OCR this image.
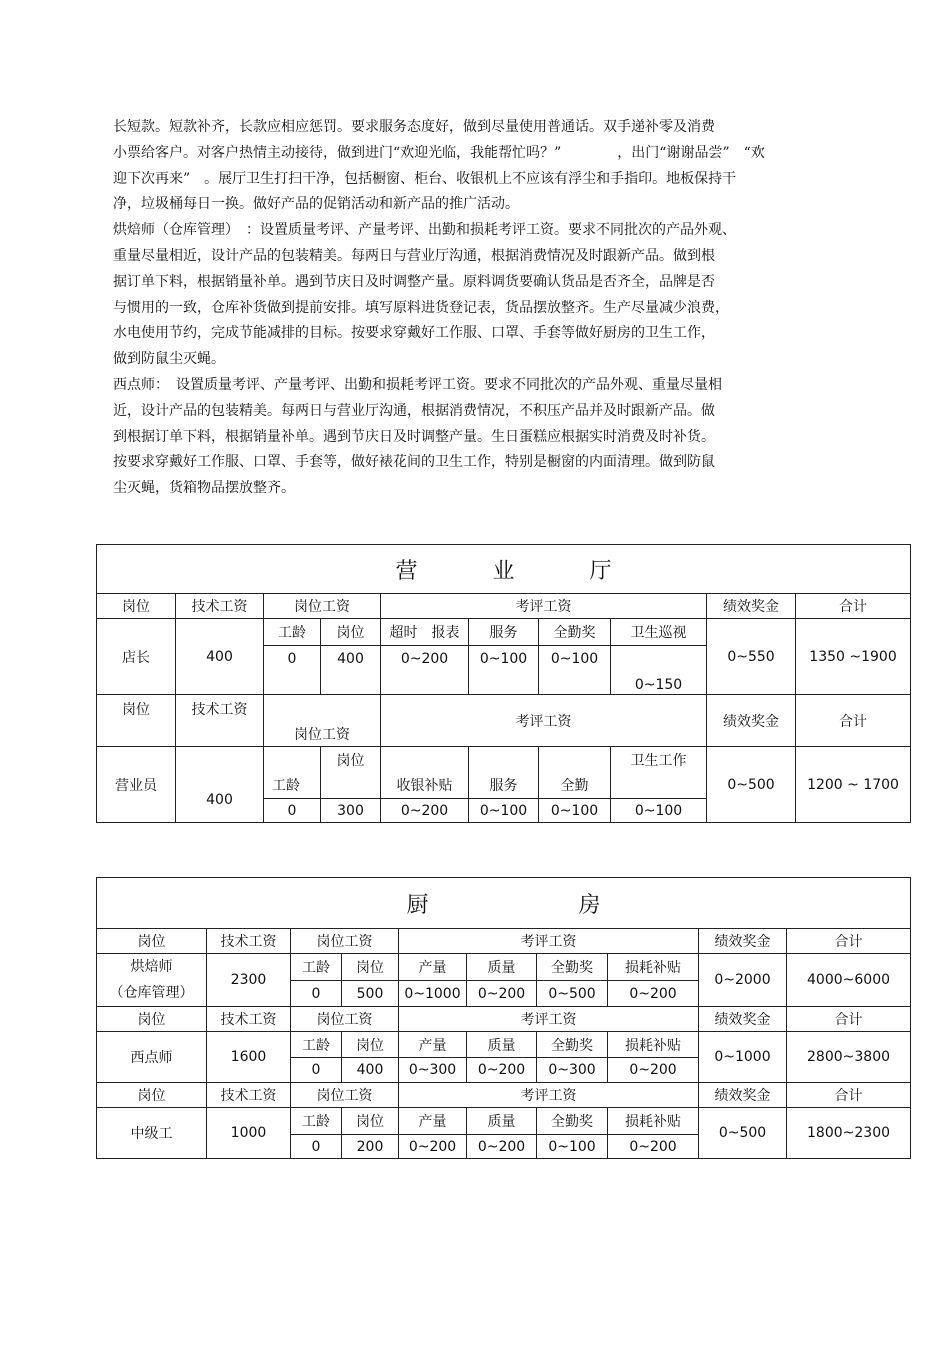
长短款。短款补齐，长款应相应惩罚。要求服务态度好，做到尽量使用普通话。双手递补零及消费
小票给客户。对客户热情主动接待，做到进门“欢迎光临，我能帮忙吗？”　　　　，出门“谢谢品尝”　“欢
迎下次再来”　。展厅卫生打扫干净，包括橱窗、柜台、收银机上不应该有浮尘和手指印。地板保持干
净，垃圾桶每日一换。做好产品的促销活动和新产品的推广活动。
烘焙师（仓库管理）　：设置质量考评、产量考评、出勤和损耗考评工资。要求不同批次的产品外观、
重量尽量相近，设计产品的包装精美。每两日与营业厅沟通，根据消费情况及时跟新产品。做到根
据订单下料，根据销量补单。遇到节庆日及时调整产量。原料调货要确认货品是否齐全，品牌是否
与惯用的一致，仓库补货做到提前安排。填写原料进货登记表，货品摆放整齐。生产尽量减少浪费，
水电使用节约，完成节能减排的目标。按要求穿戴好工作服、口罩、手套等做好厨房的卫生工作，
做到防鼠尘灭蝇。
西点师：　设置质量考评、产量考评、出勤和损耗考评工资。要求不同批次的产品外观、重量尽量相
近，设计产品的包装精美。每两日与营业厅沟通，根据消费情况，不积压产品并及时跟新产品。做
到根据订单下料，根据销量补单。遇到节庆日及时调整产量。生日蛋糕应根据实时消费及时补货。
按要求穿戴好工作服、口罩、手套等，做好裱花间的卫生工作，特别是橱窗的内面清理。做到防鼠
尘灭蝇，货箱物品摆放整齐。
营 业 厅									
岗位	技术工资	岗位工资		考评工资				绩效奖金	合计
店长	400	工龄	岗位	超时　报表	服务	全勤奖	卫生巡视	0~550	1350 ~1900
		0	400	0~200	0~100	0~100	0~150		
岗位	技术工资	岗位工资		考评工资				绩效奖金	合计

营业员	400	工龄	岗位	收银补贴	服务	全勤	卫生工作	0~500	1200 ~ 1700

		0	300	0~200	0~100	0~100	0~100		
厨 房									
岗位	技术工资	岗位工资		考评工资				绩效奖金	合计
烘焙师
（仓库管理）	2300	工龄	岗位	产量	质量	全勤奖	损耗补贴	0~2000	4000~6000
		0	500	0~1000	0~200	0~500	0~200		
岗位	技术工资	岗位工资		考评工资				绩效奖金	合计
西点师	1600	工龄	岗位	产量	质量	全勤奖	损耗补贴	0~1000	2800~3800
		0	400	0~300	0~200	0~300	0~200		
岗位	技术工资	岗位工资		考评工资				绩效奖金	合计
中级工	1000	工龄	岗位	产量	质量	全勤奖	损耗补贴	0~500	1800~2300
		0	200	0~200	0~200	0~100	0~200		
